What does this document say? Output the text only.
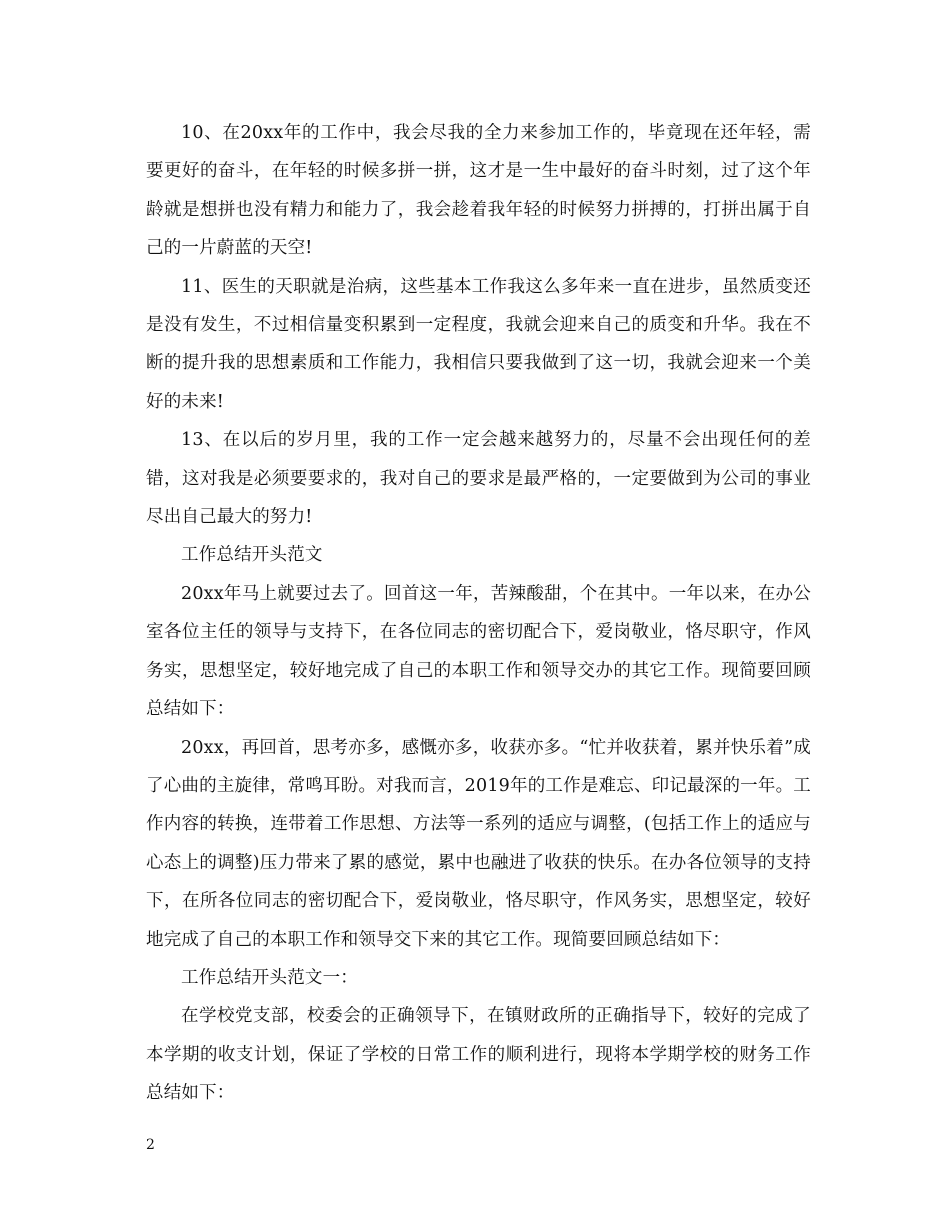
10、在20xx年的工作中，我会尽我的全力来参加工作的，毕竟现在还年轻，需要更好的奋斗，在年轻的时候多拼一拼，这才是一生中最好的奋斗时刻，过了这个年龄就是想拼也没有精力和能力了，我会趁着我年轻的时候努力拼搏的，打拼出属于自己的一片蔚蓝的天空!

11、医生的天职就是治病，这些基本工作我这么多年来一直在进步，虽然质变还是没有发生，不过相信量变积累到一定程度，我就会迎来自己的质变和升华。我在不断的提升我的思想素质和工作能力，我相信只要我做到了这一切，我就会迎来一个美好的未来!

13、在以后的岁月里，我的工作一定会越来越努力的，尽量不会出现任何的差错，这对我是必须要要求的，我对自己的要求是最严格的，一定要做到为公司的事业尽出自己最大的努力!

工作总结开头范文

20xx年马上就要过去了。回首这一年，苦辣酸甜，个在其中。一年以来，在办公室各位主任的领导与支持下，在各位同志的密切配合下，爱岗敬业，恪尽职守，作风务实，思想坚定，较好地完成了自己的本职工作和领导交办的其它工作。现简要回顾总结如下：

20xx，再回首，思考亦多，感慨亦多，收获亦多。“忙并收获着，累并快乐着”成了心曲的主旋律，常鸣耳盼。对我而言，2019年的工作是难忘、印记最深的一年。工作内容的转换，连带着工作思想、方法等一系列的适应与调整，(包括工作上的适应与心态上的调整)压力带来了累的感觉，累中也融进了收获的快乐。在办各位领导的支持下，在所各位同志的密切配合下，爱岗敬业，恪尽职守，作风务实，思想坚定，较好地完成了自己的本职工作和领导交下来的其它工作。现简要回顾总结如下：

工作总结开头范文一：

在学校党支部，校委会的正确领导下，在镇财政所的正确指导下，较好的完成了本学期的收支计划，保证了学校的日常工作的顺利进行，现将本学期学校的财务工作总结如下：

2
